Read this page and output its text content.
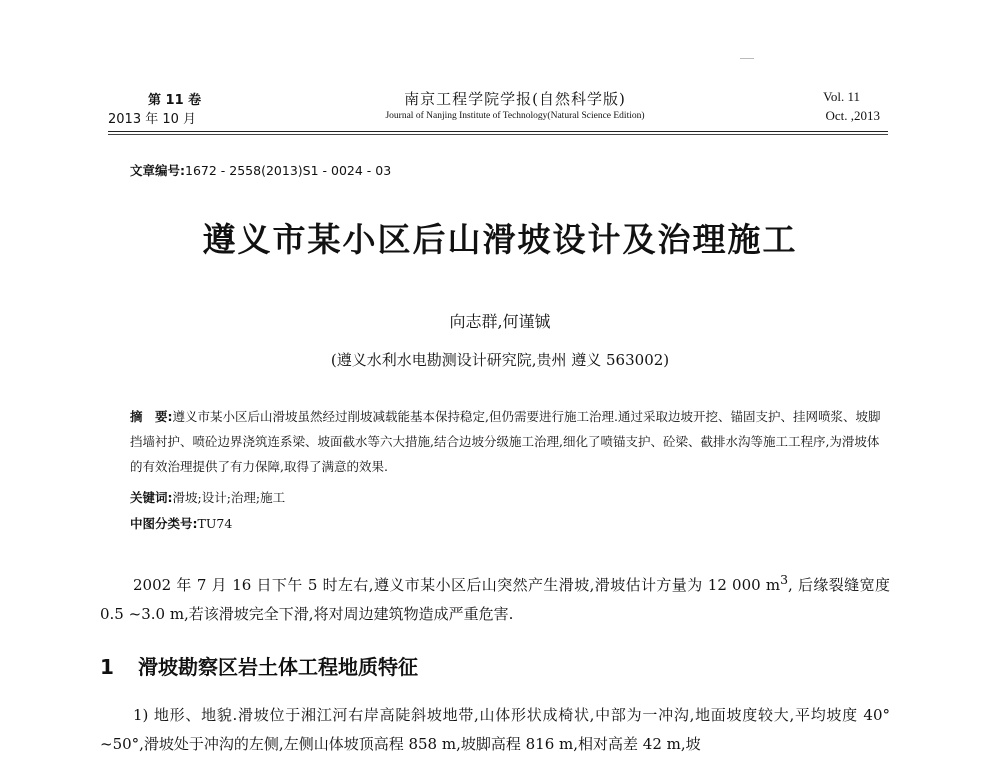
第 11 卷
2013 年 10 月
南京工程学院学报(自然科学版)
Journal of Nanjing Institute of Technology(Natural Science Edition)
Vol. 11
Oct. ,2013
文章编号:1672 - 2558(2013)S1 - 0024 - 03
遵义市某小区后山滑坡设计及治理施工
向志群,何谨铖
(遵义水利水电勘测设计研究院,贵州 遵义 563002)
摘　要:遵义市某小区后山滑坡虽然经过削坡减载能基本保持稳定,但仍需要进行施工治理.通过采取边坡开挖、锚固支护、挂网喷浆、坡脚挡墙衬护、喷砼边界浇筑连系梁、坡面截水等六大措施,结合边坡分级施工治理,细化了喷锚支护、砼梁、截排水沟等施工工程序,为滑坡体的有效治理提供了有力保障,取得了满意的效果.
关键词:滑坡;设计;治理;施工
中图分类号:TU74
2002 年 7 月 16 日下午 5 时左右,遵义市某小区后山突然产生滑坡,滑坡估计方量为 12 000 $m^3$, 后缘裂缝宽度 0.5 ~3.0 m,若该滑坡完全下滑,将对周边建筑物造成严重危害.
1 滑坡勘察区岩土体工程地质特征
1) 地形、地貌.滑坡位于湘江河右岸高陡斜坡地带,山体形状成椅状,中部为一冲沟,地面坡度较大,平均坡度 40° ~50°,滑坡处于冲沟的左侧,左侧山体坡顶高程 858 m,坡脚高程 816 m,相对高差 42 m,坡
